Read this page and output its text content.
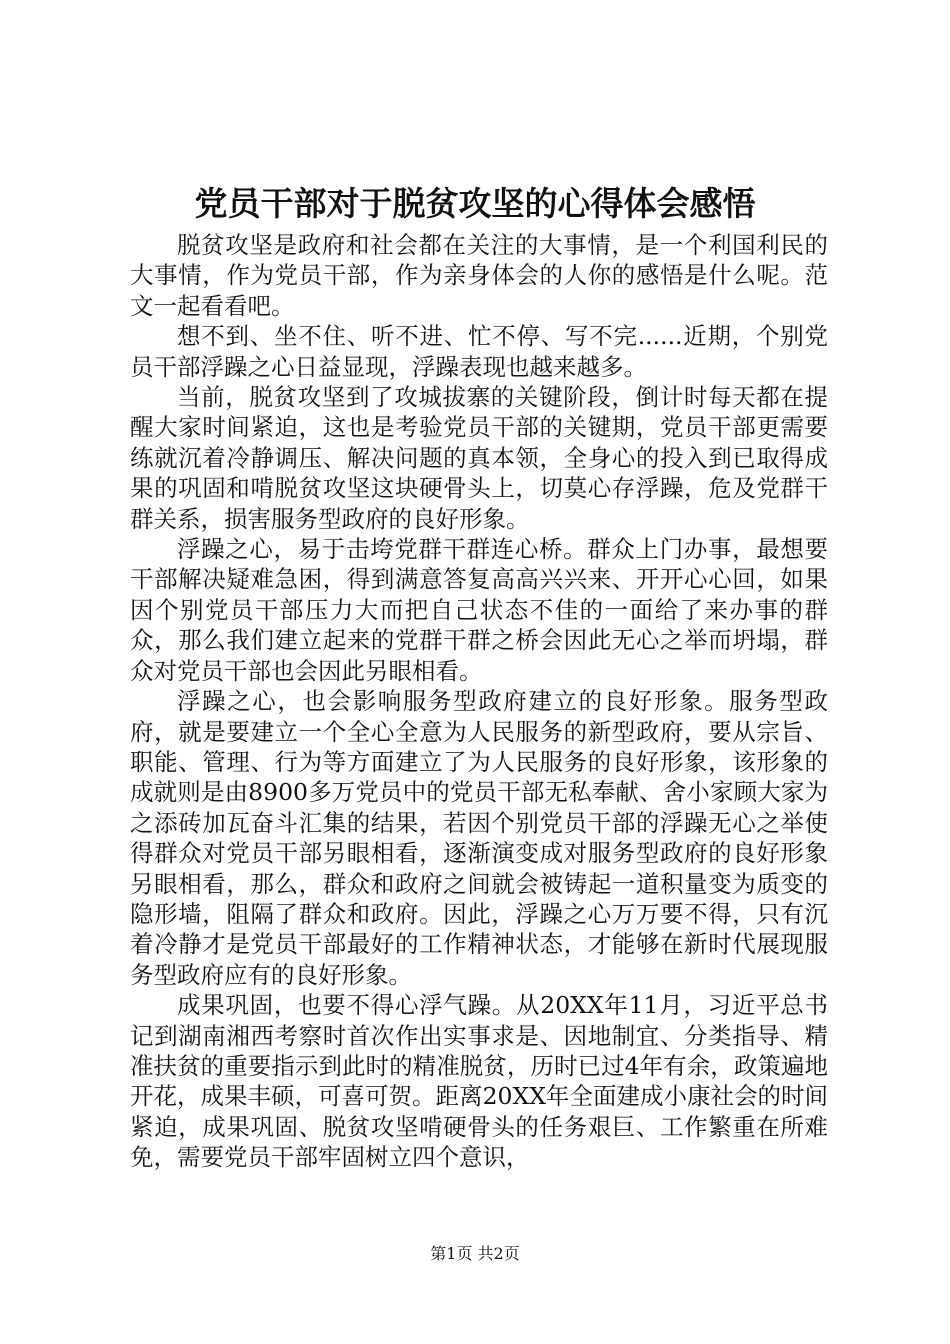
党员干部对于脱贫攻坚的心得体会感悟

脱贫攻坚是政府和社会都在关注的大事情，是一个利国利民的大事情，作为党员干部，作为亲身体会的人你的感悟是什么呢。范文一起看看吧。

想不到、坐不住、听不进、忙不停、写不完......近期，个别党员干部浮躁之心日益显现，浮躁表现也越来越多。

当前，脱贫攻坚到了攻城拔寨的关键阶段，倒计时每天都在提醒大家时间紧迫，这也是考验党员干部的关键期，党员干部更需要练就沉着冷静调压、解决问题的真本领，全身心的投入到已取得成果的巩固和啃脱贫攻坚这块硬骨头上，切莫心存浮躁，危及党群干群关系，损害服务型政府的良好形象。

浮躁之心，易于击垮党群干群连心桥。群众上门办事，最想要干部解决疑难急困，得到满意答复高高兴兴来、开开心心回，如果因个别党员干部压力大而把自己状态不佳的一面给了来办事的群众，那么我们建立起来的党群干群之桥会因此无心之举而坍塌，群众对党员干部也会因此另眼相看。

浮躁之心，也会影响服务型政府建立的良好形象。服务型政府，就是要建立一个全心全意为人民服务的新型政府，要从宗旨、职能、管理、行为等方面建立了为人民服务的良好形象，该形象的成就则是由8900多万党员中的党员干部无私奉献、舍小家顾大家为之添砖加瓦奋斗汇集的结果，若因个别党员干部的浮躁无心之举使得群众对党员干部另眼相看，逐渐演变成对服务型政府的良好形象另眼相看，那么，群众和政府之间就会被铸起一道积量变为质变的隐形墙，阻隔了群众和政府。因此，浮躁之心万万要不得，只有沉着冷静才是党员干部最好的工作精神状态，才能够在新时代展现服务型政府应有的良好形象。

成果巩固，也要不得心浮气躁。从20XX年11月，习近平总书记到湖南湘西考察时首次作出实事求是、因地制宜、分类指导、精准扶贫的重要指示到此时的精准脱贫，历时已过4年有余，政策遍地开花，成果丰硕，可喜可贺。距离20XX年全面建成小康社会的时间紧迫，成果巩固、脱贫攻坚啃硬骨头的任务艰巨、工作繁重在所难免，需要党员干部牢固树立四个意识，

第1页 共2页
